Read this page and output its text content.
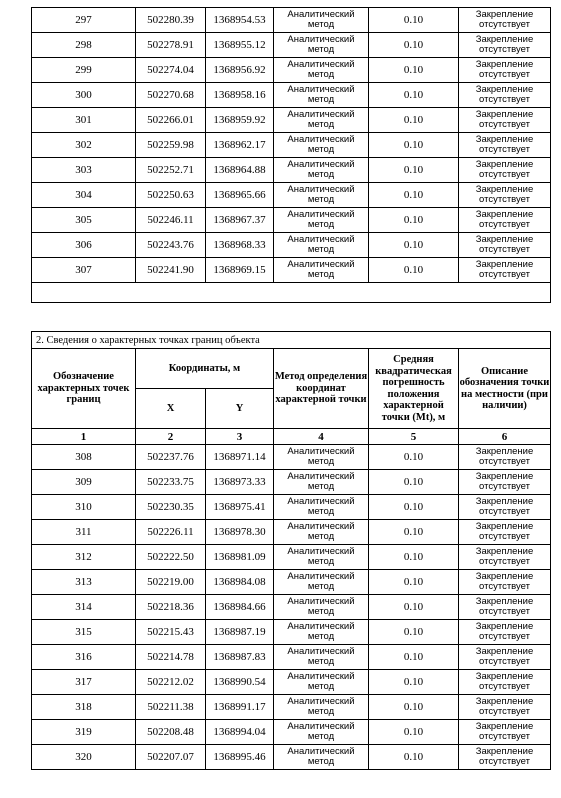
297	502280.39	1368954.53	Аналитический метод	0.10	Закрепление отсутствует
298	502278.91	1368955.12	Аналитический метод	0.10	Закрепление отсутствует
299	502274.04	1368956.92	Аналитический метод	0.10	Закрепление отсутствует
300	502270.68	1368958.16	Аналитический метод	0.10	Закрепление отсутствует
301	502266.01	1368959.92	Аналитический метод	0.10	Закрепление отсутствует
302	502259.98	1368962.17	Аналитический метод	0.10	Закрепление отсутствует
303	502252.71	1368964.88	Аналитический метод	0.10	Закрепление отсутствует
304	502250.63	1368965.66	Аналитический метод	0.10	Закрепление отсутствует
305	502246.11	1368967.37	Аналитический метод	0.10	Закрепление отсутствует
306	502243.76	1368968.33	Аналитический метод	0.10	Закрепление отсутствует
307	502241.90	1368969.15	Аналитический метод	0.10	Закрепление отсутствует

2. Сведения о характерных точках границ объекта					
Обозначение характерных точек границ	Координаты, м		Метод определения координат характерной точки	Средняя квадратическая погрешность положения характерной точки (Mt), м	Описание обозначения точки на местности (при наличии)
	X	Y			
1	2	3	4	5	6
308	502237.76	1368971.14	Аналитический метод	0.10	Закрепление отсутствует
309	502233.75	1368973.33	Аналитический метод	0.10	Закрепление отсутствует
310	502230.35	1368975.41	Аналитический метод	0.10	Закрепление отсутствует
311	502226.11	1368978.30	Аналитический метод	0.10	Закрепление отсутствует
312	502222.50	1368981.09	Аналитический метод	0.10	Закрепление отсутствует
313	502219.00	1368984.08	Аналитический метод	0.10	Закрепление отсутствует
314	502218.36	1368984.66	Аналитический метод	0.10	Закрепление отсутствует
315	502215.43	1368987.19	Аналитический метод	0.10	Закрепление отсутствует
316	502214.78	1368987.83	Аналитический метод	0.10	Закрепление отсутствует
317	502212.02	1368990.54	Аналитический метод	0.10	Закрепление отсутствует
318	502211.38	1368991.17	Аналитический метод	0.10	Закрепление отсутствует
319	502208.48	1368994.04	Аналитический метод	0.10	Закрепление отсутствует
320	502207.07	1368995.46	Аналитический метод	0.10	Закрепление отсутствует
